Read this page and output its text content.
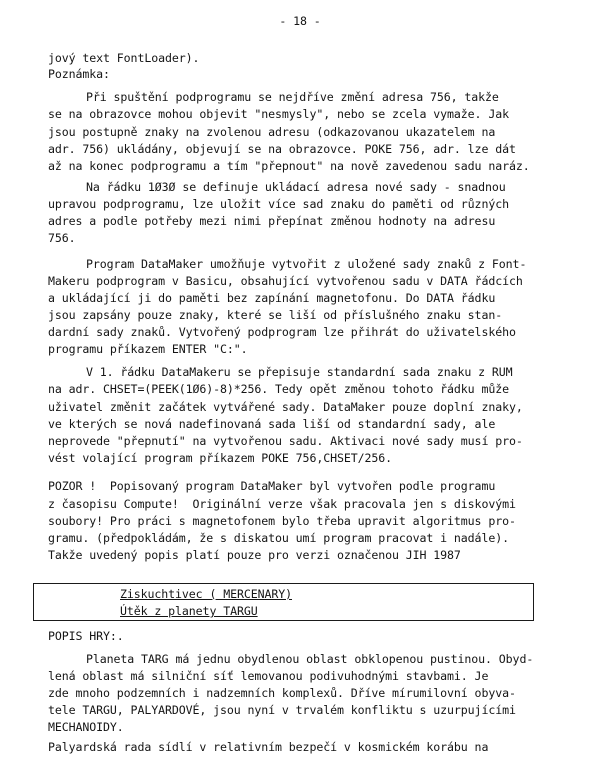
- 18 -
jový text FontLoader).
Poznámka:
Při spuštění podprogramu se nejdříve změní adresa 756, takže
se na obrazovce mohou objevit "nesmysly", nebo se zcela vymaže. Jak
jsou postupně znaky na zvolenou adresu (odkazovanou ukazatelem na
adr. 756) ukládány, objevují se na obrazovce. POKE 756, adr. lze dát
až na konec podprogramu a tím "přepnout" na nově zavedenou sadu naráz.
Na řádku 1Ø3Ø se definuje ukládací adresa nové sady - snadnou
upravou podprogramu, lze uložit více sad znaku do paměti od různých
adres a podle potřeby mezi nimi přepínat změnou hodnoty na adresu
756.
Program DataMaker umožňuje vytvořit z uložené sady znaků z Font-
Makeru podprogram v Basicu, obsahující vytvořenou sadu v DATA řádcích
a ukládající ji do paměti bez zapínání magnetofonu. Do DATA řádku
jsou zapsány pouze znaky, které se liší od příslušného znaku stan-
dardní sady znaků. Vytvořený podprogram lze přihrát do uživatelského
programu příkazem ENTER "C:".
V 1. řádku DataMakeru se přepisuje standardní sada znaku z RUM
na adr. CHSET=(PEEK(1Ø6)-8)*256. Tedy opět změnou tohoto řádku může
uživatel změnit začátek vytvářené sady. DataMaker pouze doplní znaky,
ve kterých se nová nadefinovaná sada liší od standardní sady, ale
neprovede "přepnutí" na vytvořenou sadu. Aktivaci nové sady musí pro-
vést volající program příkazem POKE 756,CHSET/256.
POZOR !  Popisovaný program DataMaker byl vytvořen podle programu
z časopisu Compute!  Originální verze však pracovala jen s diskovými
soubory! Pro práci s magnetofonem bylo třeba upravit algoritmus pro-
gramu. (předpokládám, že s diskatou umí program pracovat i nadále).
Takže uvedený popis platí pouze pro verzi označenou JIH 1987
Ziskuchtivec ( MERCENARY)
Útěk z planety TARGU
POPIS HRY:.
Planeta TARG má jednu obydlenou oblast obklopenou pustinou. Obyd-
lená oblast má silniční síť lemovanou podivuhodnými stavbami. Je
zde mnoho podzemních i nadzemních komplexů. Dříve mírumilovní obyva-
tele TARGU, PALYARDOVÉ, jsou nyní v trvalém konfliktu s uzurpujícími
MECHANOIDY.
Palyardská rada sídlí v relativním bezpečí v kosmickém korábu na
